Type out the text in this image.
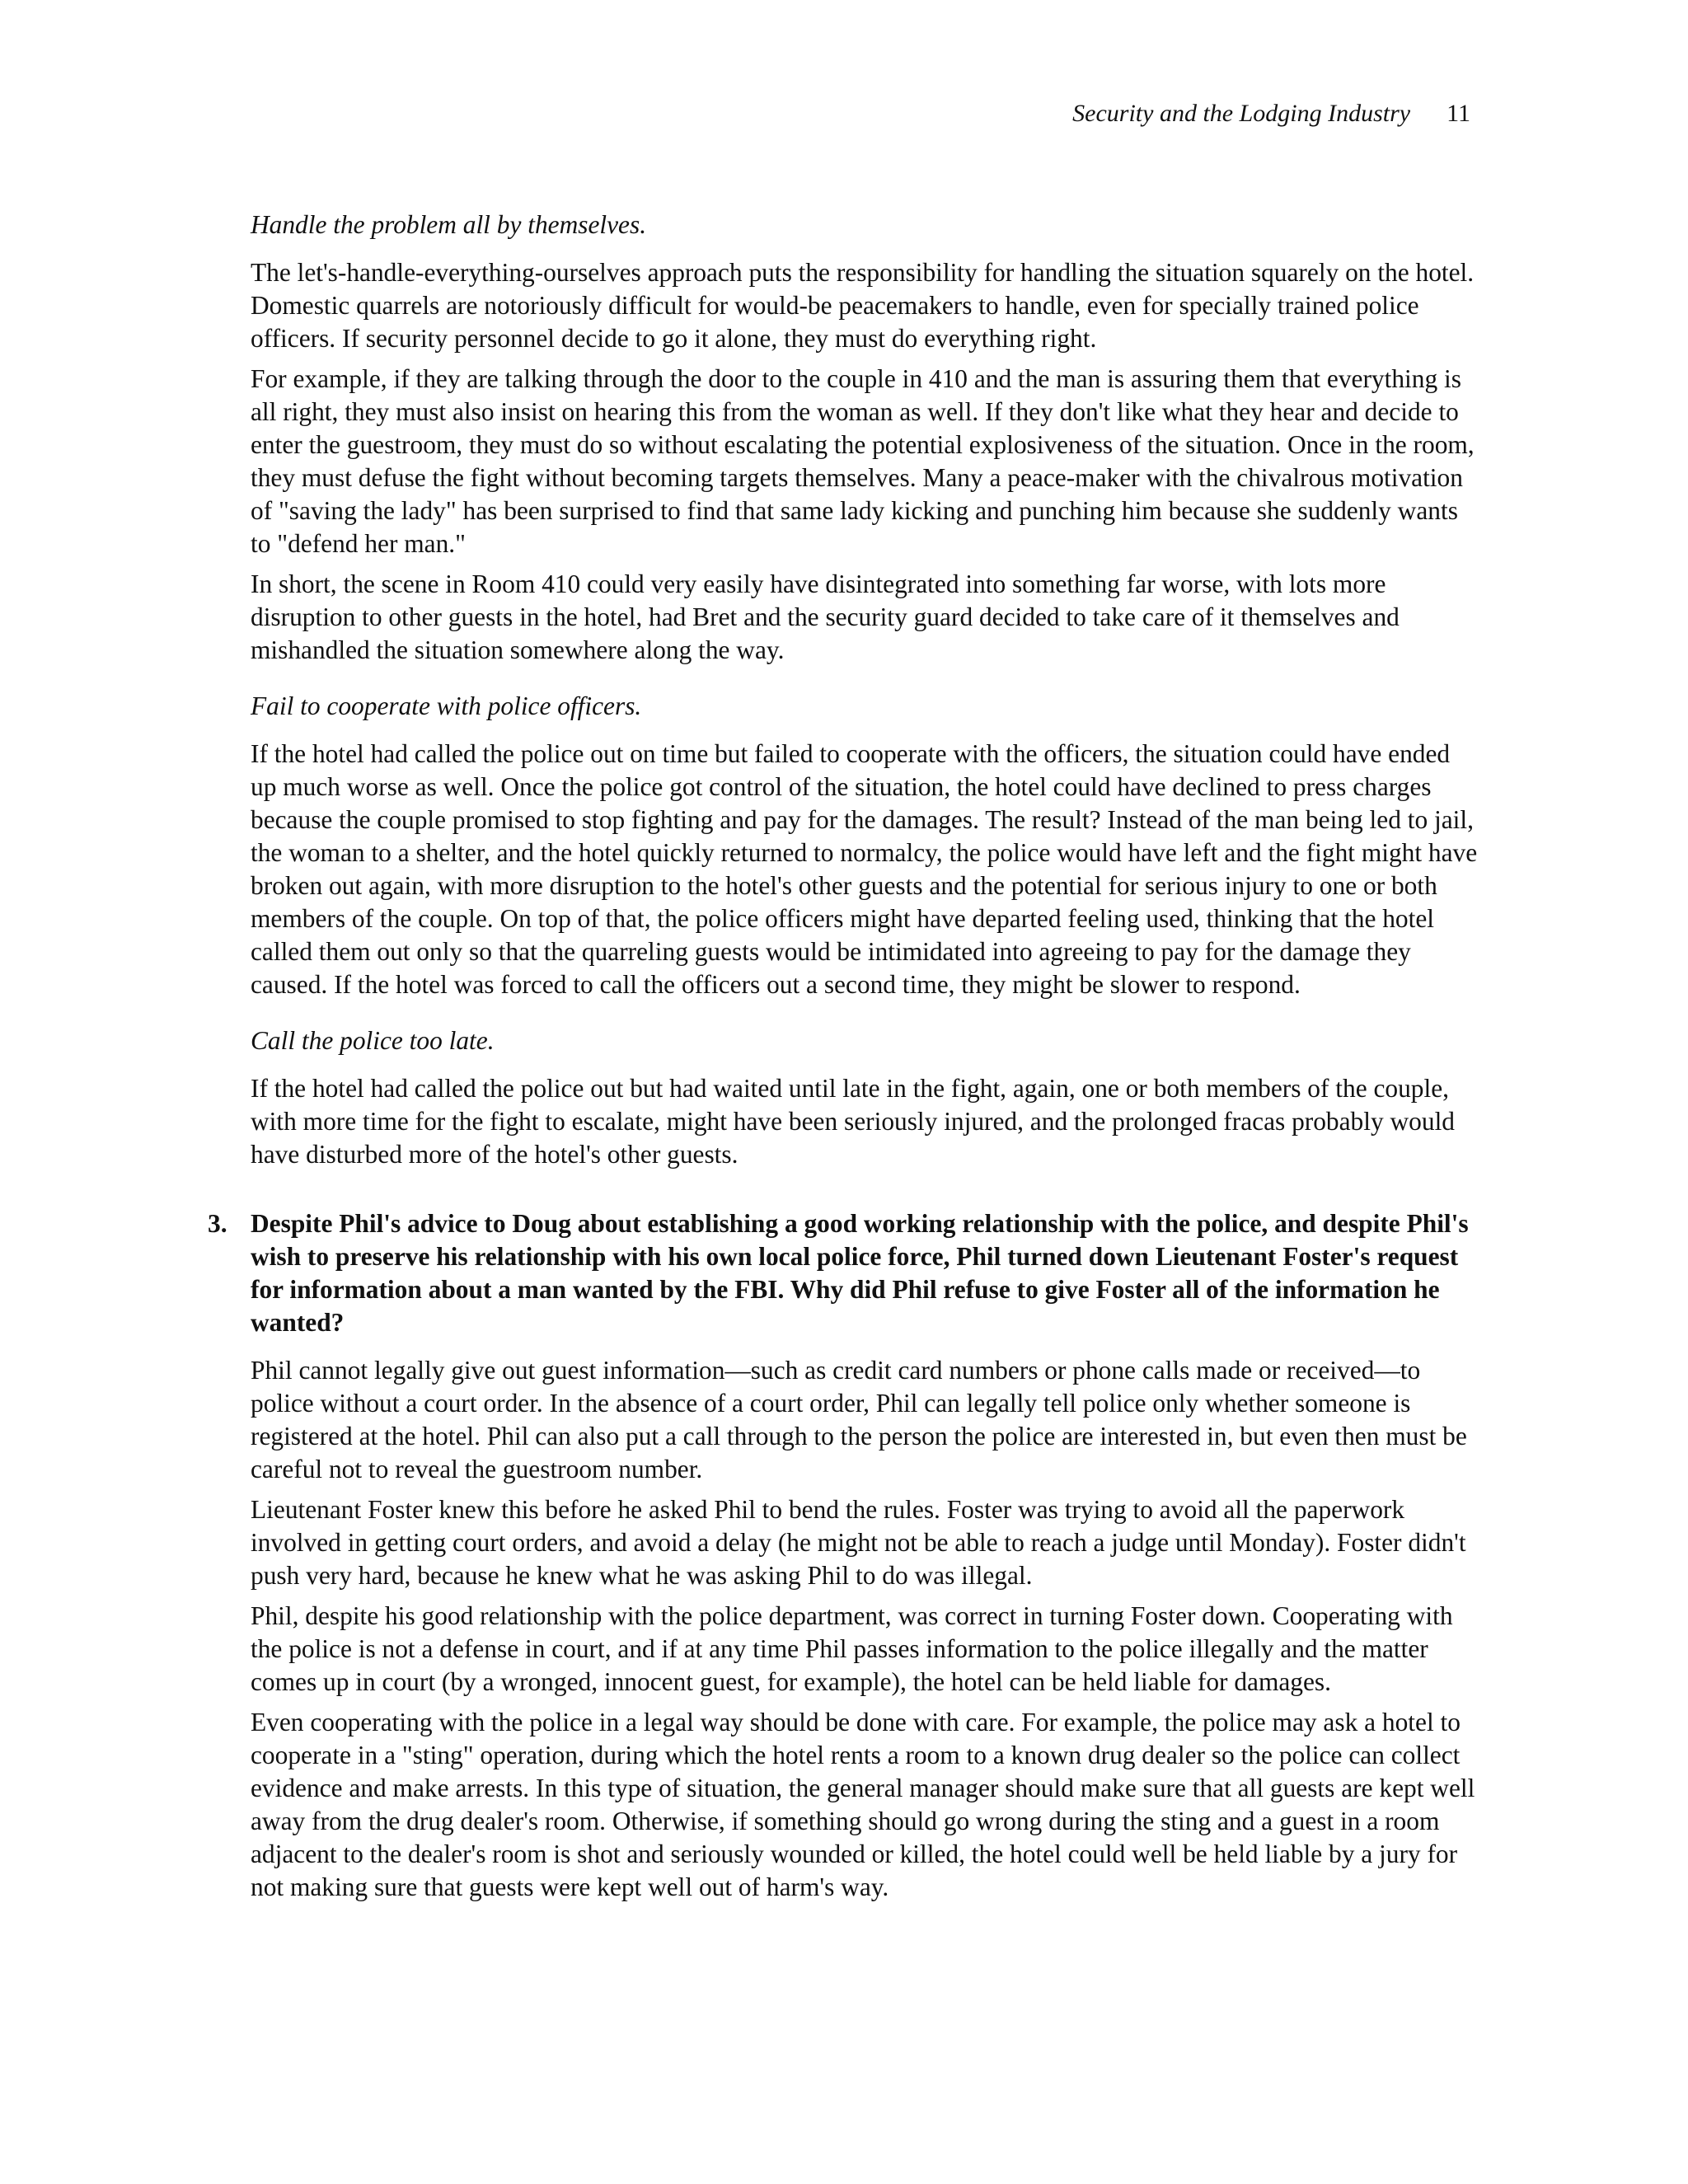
Security and the Lodging Industry 11

Handle the problem all by themselves.

The let's-handle-everything-ourselves approach puts the responsibility for handling the situation squarely on the hotel. Domestic quarrels are notoriously difficult for would-be peacemakers to handle, even for specially trained police officers. If security personnel decide to go it alone, they must do everything right.

For example, if they are talking through the door to the couple in 410 and the man is assuring them that everything is all right, they must also insist on hearing this from the woman as well. If they don't like what they hear and decide to enter the guestroom, they must do so without escalating the potential explosiveness of the situation. Once in the room, they must defuse the fight without becoming targets themselves. Many a peace-maker with the chivalrous motivation of "saving the lady" has been surprised to find that same lady kicking and punching him because she suddenly wants to "defend her man."

In short, the scene in Room 410 could very easily have disintegrated into something far worse, with lots more disruption to other guests in the hotel, had Bret and the security guard decided to take care of it themselves and mishandled the situation somewhere along the way.

Fail to cooperate with police officers.

If the hotel had called the police out on time but failed to cooperate with the officers, the situation could have ended up much worse as well. Once the police got control of the situation, the hotel could have declined to press charges because the couple promised to stop fighting and pay for the damages. The result? Instead of the man being led to jail, the woman to a shelter, and the hotel quickly returned to normalcy, the police would have left and the fight might have broken out again, with more disruption to the hotel's other guests and the potential for serious injury to one or both members of the couple. On top of that, the police officers might have departed feeling used, thinking that the hotel called them out only so that the quarreling guests would be intimidated into agreeing to pay for the damage they caused. If the hotel was forced to call the officers out a second time, they might be slower to respond.

Call the police too late.

If the hotel had called the police out but had waited until late in the fight, again, one or both members of the couple, with more time for the fight to escalate, might have been seriously injured, and the prolonged fracas probably would have disturbed more of the hotel's other guests.

3. Despite Phil's advice to Doug about establishing a good working relationship with the police, and despite Phil's wish to preserve his relationship with his own local police force, Phil turned down Lieutenant Foster's request for information about a man wanted by the FBI. Why did Phil refuse to give Foster all of the information he wanted?

Phil cannot legally give out guest information—such as credit card numbers or phone calls made or received—to police without a court order. In the absence of a court order, Phil can legally tell police only whether someone is registered at the hotel. Phil can also put a call through to the person the police are interested in, but even then must be careful not to reveal the guestroom number.

Lieutenant Foster knew this before he asked Phil to bend the rules. Foster was trying to avoid all the paperwork involved in getting court orders, and avoid a delay (he might not be able to reach a judge until Monday). Foster didn't push very hard, because he knew what he was asking Phil to do was illegal.

Phil, despite his good relationship with the police department, was correct in turning Foster down. Cooperating with the police is not a defense in court, and if at any time Phil passes information to the police illegally and the matter comes up in court (by a wronged, innocent guest, for example), the hotel can be held liable for damages.

Even cooperating with the police in a legal way should be done with care. For example, the police may ask a hotel to cooperate in a "sting" operation, during which the hotel rents a room to a known drug dealer so the police can collect evidence and make arrests. In this type of situation, the general manager should make sure that all guests are kept well away from the drug dealer's room. Otherwise, if something should go wrong during the sting and a guest in a room adjacent to the dealer's room is shot and seriously wounded or killed, the hotel could well be held liable by a jury for not making sure that guests were kept well out of harm's way.
